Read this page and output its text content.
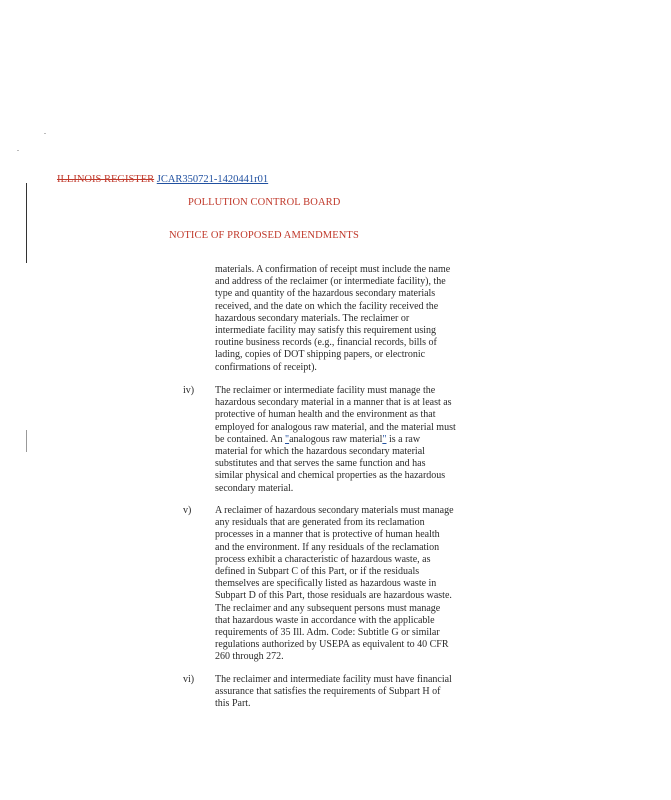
ILLINOIS REGISTER JCAR350721-1420441r01
POLLUTION CONTROL BOARD
NOTICE OF PROPOSED AMENDMENTS
materials. A confirmation of receipt must include the name
and address of the reclaimer (or intermediate facility), the
type and quantity of the hazardous secondary materials
received, and the date on which the facility received the
hazardous secondary materials. The reclaimer or
intermediate facility may satisfy this requirement using
routine business records (e.g., financial records, bills of
lading, copies of DOT shipping papers, or electronic
confirmations of receipt).
iv) The reclaimer or intermediate facility must manage the
hazardous secondary material in a manner that is at least as
protective of human health and the environment as that
employed for analogous raw material, and the material must
be contained. An "analogous raw material" is a raw
material for which the hazardous secondary material
substitutes and that serves the same function and has
similar physical and chemical properties as the hazardous
secondary material.
v) A reclaimer of hazardous secondary materials must manage
any residuals that are generated from its reclamation
processes in a manner that is protective of human health
and the environment. If any residuals of the reclamation
process exhibit a characteristic of hazardous waste, as
defined in Subpart C of this Part, or if the residuals
themselves are specifically listed as hazardous waste in
Subpart D of this Part, those residuals are hazardous waste.
The reclaimer and any subsequent persons must manage
that hazardous waste in accordance with the applicable
requirements of 35 Ill. Adm. Code: Subtitle G or similar
regulations authorized by USEPA as equivalent to 40 CFR
260 through 272.
vi) The reclaimer and intermediate facility must have financial
assurance that satisfies the requirements of Subpart H of
this Part.
